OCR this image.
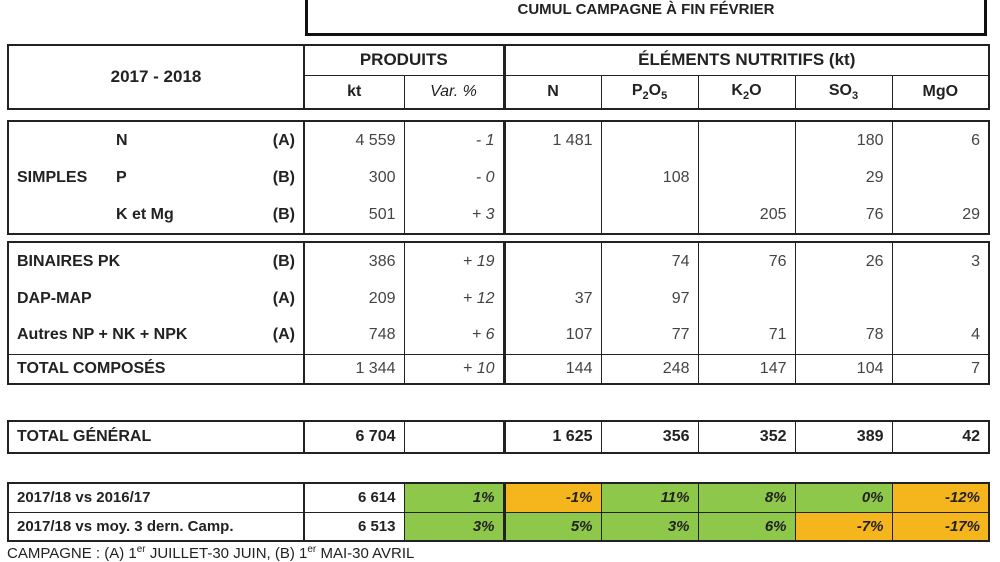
CUMUL CAMPAGNE À FIN FÉVRIER
2017 - 2018	PRODUITS		ÉLÉMENTS NUTRITIFS (kt)				
	kt	Var. %	N	$P_2O_5$	$K_2O$	$SO_3$	MgO
SIMPLES	N	(A)	4 559	- 1	1 481			180	6
	P	(B)	300	- 0		108		29	
	K et Mg	(B)	501	+ 3			205	76	29
BINAIRES PK	(B)	386	+ 19		74	76	26	3
DAP-MAP	(A)	209	+ 12	37	97			
Autres NP + NK + NPK	(A)	748	+ 6	107	77	71	78	4
TOTAL COMPOSÉS		1 344	+ 10	144	248	147	104	7
TOTAL GÉNÉRAL	6 704		1 625	356	352	389	42
2017/18 vs 2016/17	6 614	1%	-1%	11%	8%	0%	-12%
2017/18 vs moy. 3 dern. Camp.	6 513	3%	5%	3%	6%	-7%	-17%
CAMPAGNE : (A) 1er JUILLET-30 JUIN, (B) 1er MAI-30 AVRIL
